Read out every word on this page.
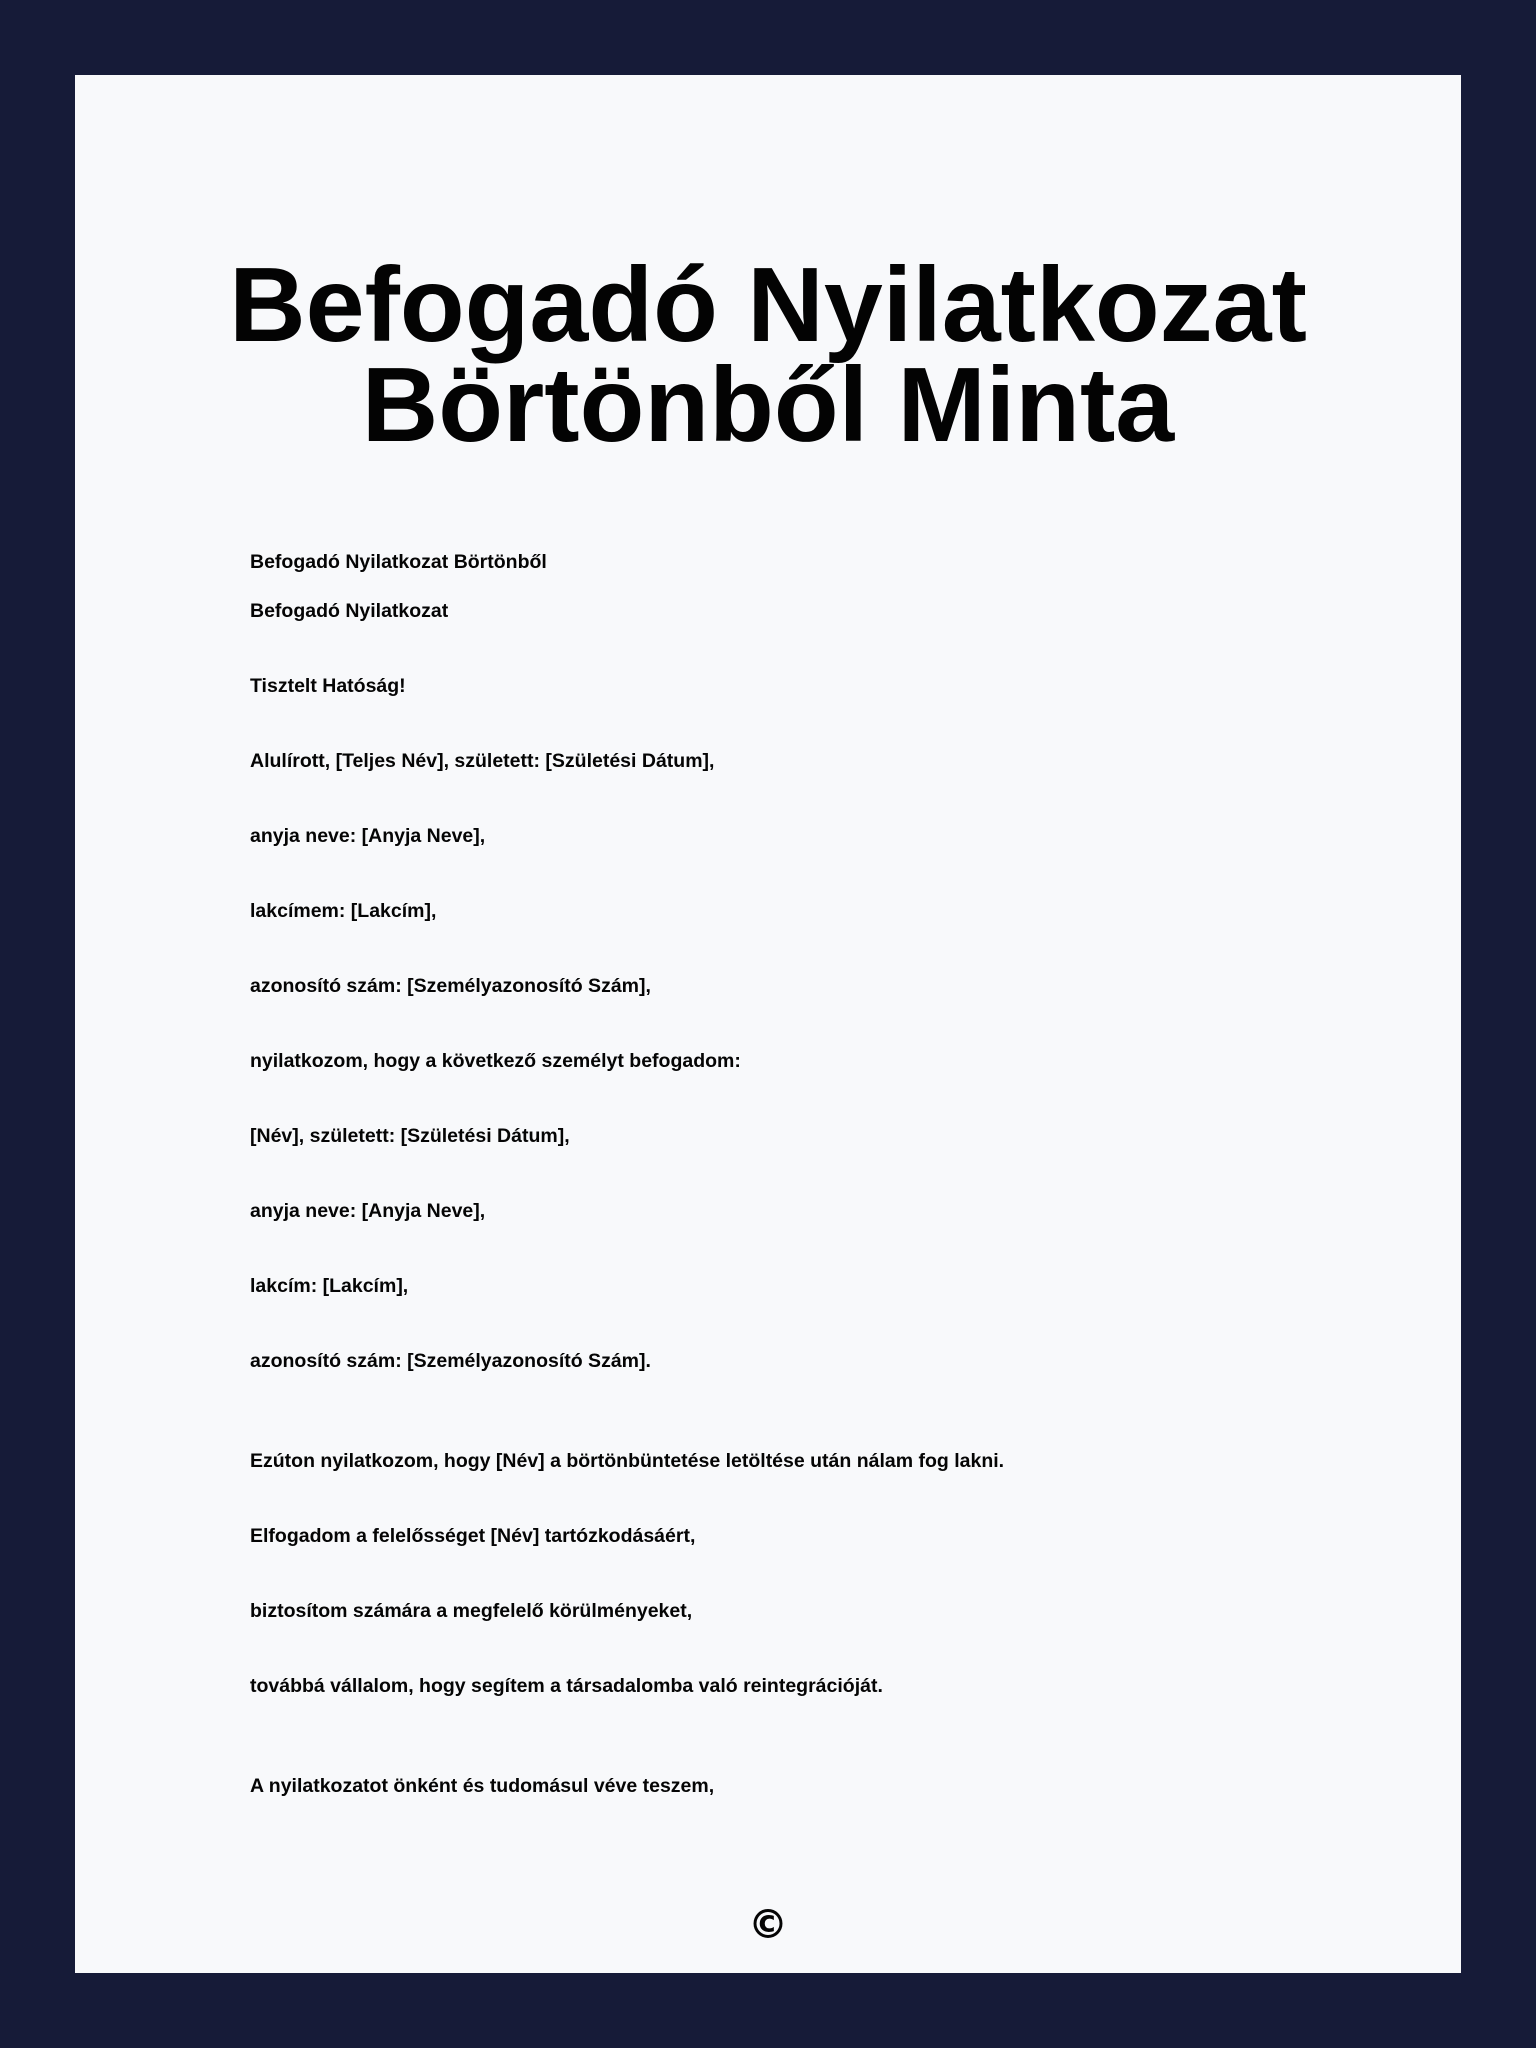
Befogadó Nyilatkozat
Börtönből Minta
Befogadó Nyilatkozat Börtönből
Befogadó Nyilatkozat
Tisztelt Hatóság!
Alulírott, [Teljes Név], született: [Születési Dátum],
anyja neve: [Anyja Neve],
lakcímem: [Lakcím],
azonosító szám: [Személyazonosító Szám],
nyilatkozom, hogy a következő személyt befogadom:
[Név], született: [Születési Dátum],
anyja neve: [Anyja Neve],
lakcím: [Lakcím],
azonosító szám: [Személyazonosító Szám].
Ezúton nyilatkozom, hogy [Név] a börtönbüntetése letöltése után nálam fog lakni.
Elfogadom a felelősséget [Név] tartózkodásáért,
biztosítom számára a megfelelő körülményeket,
továbbá vállalom, hogy segítem a társadalomba való reintegrációját.
A nyilatkozatot önként és tudomásul véve teszem,
©
